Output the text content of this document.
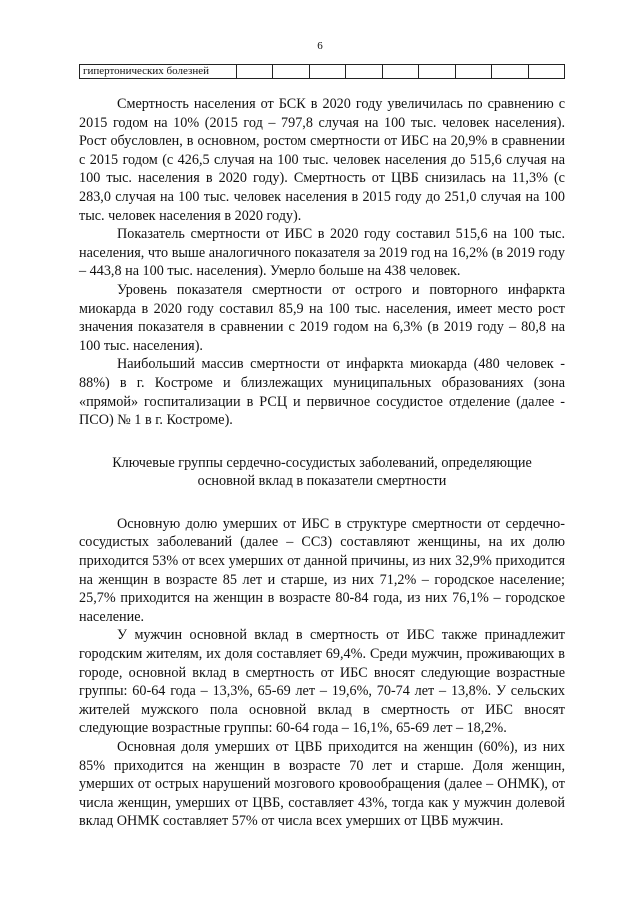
6
гипертонических болезней									

Смертность населения от БСК в 2020 году увеличилась по сравнению с 2015 годом на 10% (2015 год – 797,8 случая на 100 тыс. человек населения). Рост обусловлен, в основном, ростом смертности от ИБС на 20,9% в сравнении с 2015 годом (с 426,5 случая на 100 тыс. человек населения до 515,6 случая на 100 тыс. населения в 2020 году). Смертность от ЦВБ снизилась на 11,3% (с 283,0 случая на 100 тыс. человек населения в 2015 году до 251,0 случая на 100 тыс. человек населения в 2020 году).

Показатель смертности от ИБС в 2020 году составил 515,6 на 100 тыс. населения, что выше аналогичного показателя за 2019 год на 16,2% (в 2019 году – 443,8 на 100 тыс. населения). Умерло больше на 438 человек.

Уровень показателя смертности от острого и повторного инфаркта миокарда в 2020 году составил 85,9 на 100 тыс. населения, имеет место рост значения показателя в сравнении с 2019 годом на 6,3% (в 2019 году – 80,8 на 100 тыс. населения).

Наибольший массив смертности от инфаркта миокарда (480 человек - 88%) в г. Костроме и близлежащих муниципальных образованиях (зона «прямой» госпитализации в РСЦ и первичное сосудистое отделение (далее - ПСО) № 1 в г. Костроме).

Ключевые группы сердечно-сосудистых заболеваний, определяющие
основной вклад в показатели смертности

Основную долю умерших от ИБС в структуре смертности от сердечно-сосудистых заболеваний (далее – ССЗ) составляют женщины, на их долю приходится 53% от всех умерших от данной причины, из них 32,9% приходится на женщин в возрасте 85 лет и старше, из них 71,2% – городское население; 25,7% приходится на женщин в возрасте 80-84 года, из них 76,1% – городское население.

У мужчин основной вклад в смертность от ИБС также принадлежит городским жителям, их доля составляет 69,4%. Среди мужчин, проживающих в городе, основной вклад в смертность от ИБС вносят следующие возрастные группы: 60-64 года – 13,3%, 65-69 лет – 19,6%, 70-74 лет – 13,8%. У сельских жителей мужского пола основной вклад в смертность от ИБС вносят следующие возрастные группы: 60-64 года – 16,1%, 65-69 лет – 18,2%.

Основная доля умерших от ЦВБ приходится на женщин (60%), из них 85% приходится на женщин в возрасте 70 лет и старше. Доля женщин, умерших от острых нарушений мозгового кровообращения (далее – ОНМК), от числа женщин, умерших от ЦВБ, составляет 43%, тогда как у мужчин долевой вклад ОНМК составляет 57% от числа всех умерших от ЦВБ мужчин.
